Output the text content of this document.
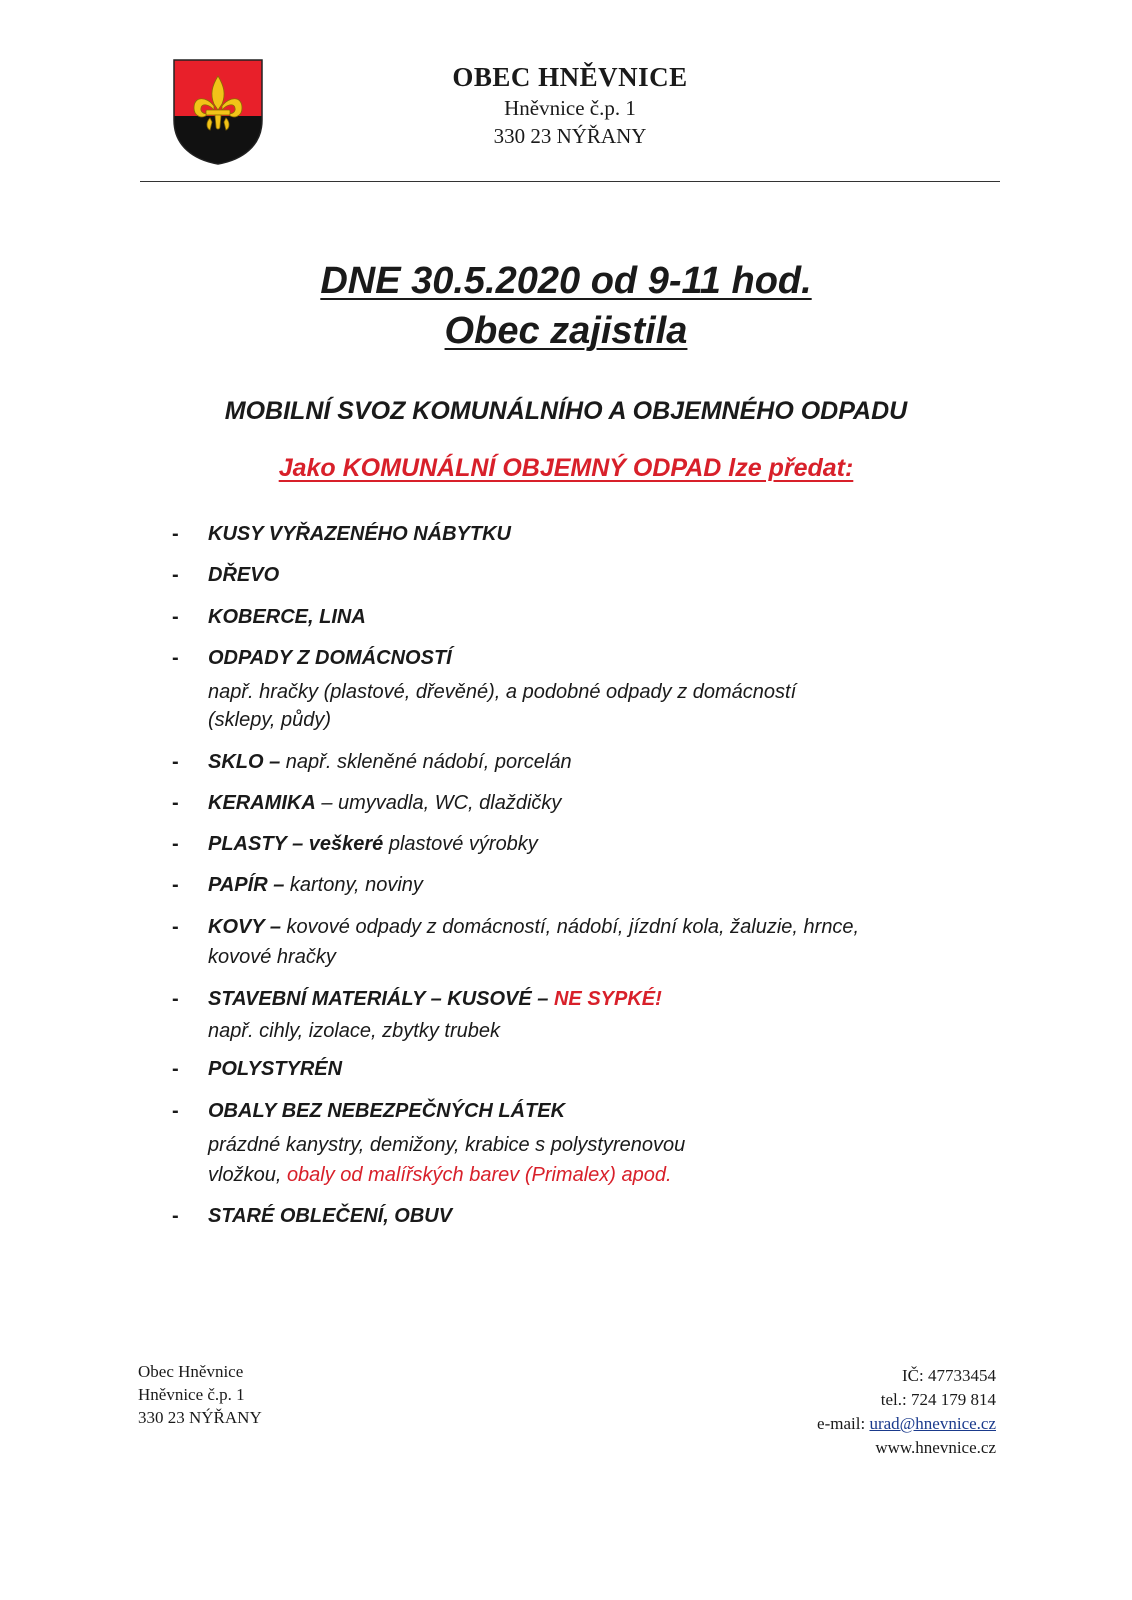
OBEC HNĚVNICE
Hněvnice č.p. 1
330 23 NÝŘANY
DNE 30.5.2020 od 9-11 hod.
Obec zajistila
MOBILNÍ SVOZ KOMUNÁLNÍHO A OBJEMNÉHO ODPADU
Jako KOMUNÁLNÍ OBJEMNÝ ODPAD lze předat:
- KUSY VYŘAZENÉHO NÁBYTKU
- DŘEVO
- KOBERCE, LINA
- ODPADY Z DOMÁCNOSTÍ
např. hračky (plastové, dřevěné), a podobné odpady z domácností
(sklepy, půdy)
- SKLO – např. skleněné nádobí, porcelán
- KERAMIKA – umyvadla, WC, dlaždičky
- PLASTY – veškeré plastové výrobky
- PAPÍR – kartony, noviny
- KOVY – kovové odpady z domácností, nádobí, jízdní kola, žaluzie, hrnce,
kovové hračky
- STAVEBNÍ MATERIÁLY – KUSOVÉ – NE SYPKÉ!
např. cihly, izolace, zbytky trubek
- POLYSTYRÉN
- OBALY BEZ NEBEZPEČNÝCH LÁTEK
prázdné kanystry, demižony, krabice s polystyrenovou
vložkou, obaly od malířských barev (Primalex) apod.
- STARÉ OBLEČENÍ, OBUV
Obec Hněvnice
Hněvnice č.p. 1
330 23 NÝŘANY
IČ: 47733454
tel.: 724 179 814
e-mail: urad@hnevnice.cz
www.hnevnice.cz
